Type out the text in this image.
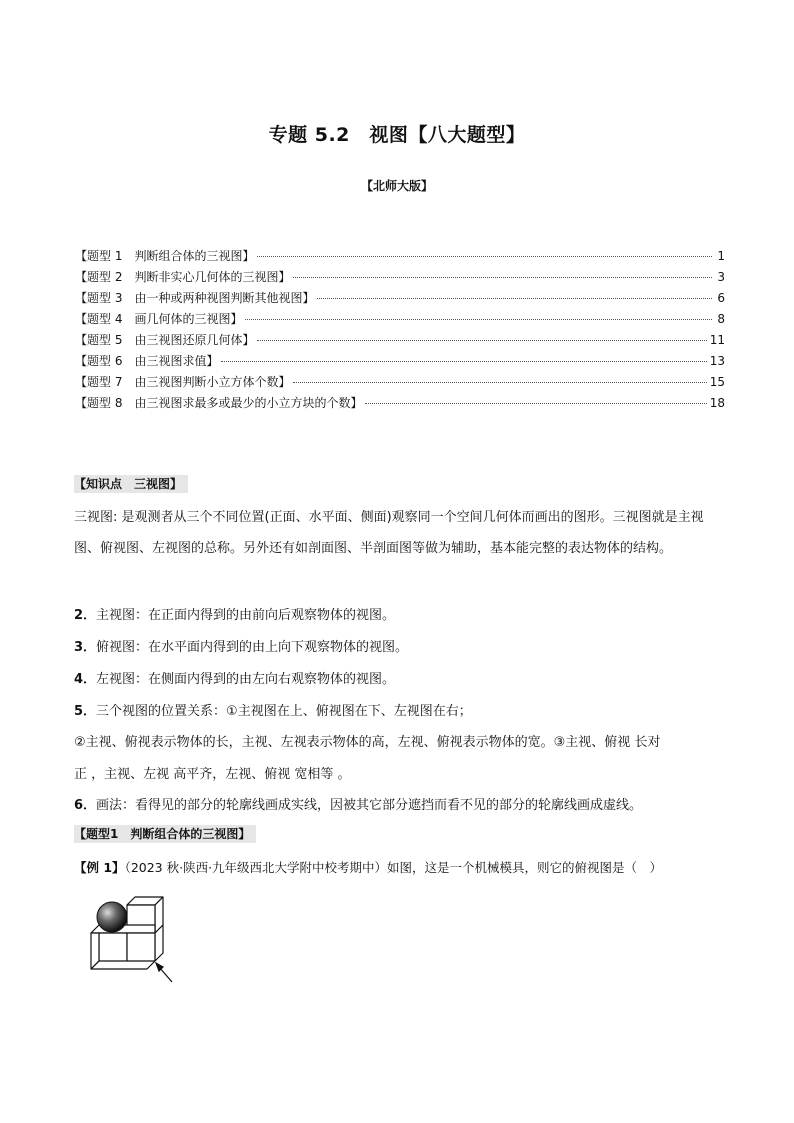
专题 5.2　视图【八大题型】
【北师大版】
【题型 1　判断组合体的三视图】	1
【题型 2　判断非实心几何体的三视图】	3
【题型 3　由一种或两种视图判断其他视图】	6
【题型 4　画几何体的三视图】	8
【题型 5　由三视图还原几何体】	11
【题型 6　由三视图求值】	13
【题型 7　由三视图判断小立方体个数】	15
【题型 8　由三视图求最多或最少的小立方块的个数】	18
【知识点　三视图】
三视图: 是观测者从三个不同位置(正面、水平面、侧面)观察同一个空间几何体而画出的图形。三视图就是主视图、俯视图、左视图的总称。另外还有如剖面图、半剖面图等做为辅助，基本能完整的表达物体的结构。
2．主视图：在正面内得到的由前向后观察物体的视图。
3．俯视图：在水平面内得到的由上向下观察物体的视图。
4．左视图：在侧面内得到的由左向右观察物体的视图。
5．三个视图的位置关系：①主视图在上、俯视图在下、左视图在右；
②主视、俯视表示物体的长，主视、左视表示物体的高，左视、俯视表示物体的宽。③主视、俯视 长对
正 ，主视、左视 高平齐，左视、俯视 宽相等 。
6．画法：看得见的部分的轮廓线画成实线，因被其它部分遮挡而看不见的部分的轮廓线画成虚线。
【题型1　判断组合体的三视图】
【例 1】（2023 秋·陕西·九年级西北大学附中校考期中）如图，这是一个机械模具，则它的俯视图是（　）
